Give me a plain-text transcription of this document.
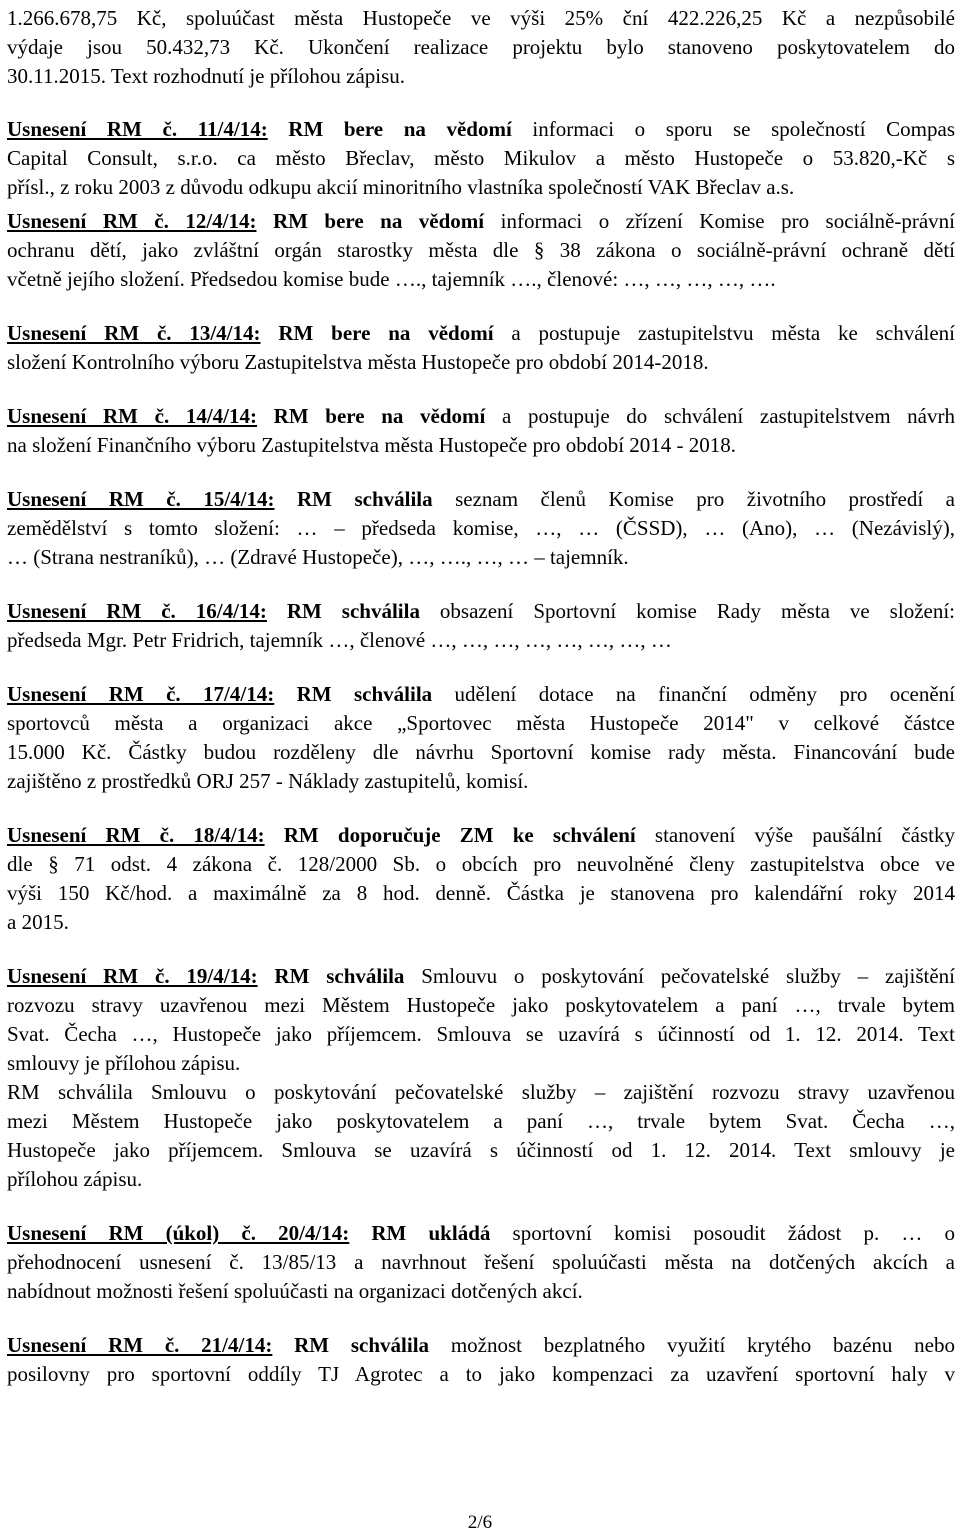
1.266.678,75 Kč, spoluúčast města Hustopeče ve výši 25% ční 422.226,25 Kč a nezpůsobilé
výdaje jsou 50.432,73 Kč. Ukončení realizace projektu bylo stanoveno poskytovatelem do
30.11.2015. Text rozhodnutí je přílohou zápisu.
Usnesení RM č. 11/4/14: RM bere na vědomí informaci o sporu se společností Compas
Capital Consult, s.r.o. ca město Břeclav, město Mikulov a město Hustopeče o 53.820,-Kč s
přísl., z roku 2003 z důvodu odkupu akcií minoritního vlastníka společností VAK Břeclav a.s.
Usnesení RM č. 12/4/14: RM bere na vědomí informaci o zřízení Komise pro sociálně-právní
ochranu dětí, jako zvláštní orgán starostky města dle § 38 zákona o sociálně-právní ochraně dětí
včetně jejího složení. Předsedou komise bude …., tajemník …., členové: …, …, …, …, ….
Usnesení RM č. 13/4/14: RM bere na vědomí a postupuje zastupitelstvu města ke schválení
složení Kontrolního výboru Zastupitelstva města Hustopeče pro období 2014-2018.
Usnesení RM č. 14/4/14: RM bere na vědomí a postupuje do schválení zastupitelstvem návrh
na složení Finančního výboru Zastupitelstva města Hustopeče pro období 2014 - 2018.
Usnesení RM č. 15/4/14: RM schválila seznam členů Komise pro životního prostředí a
zemědělství s tomto složení: … – předseda komise, …, … (ČSSD), … (Ano), … (Nezávislý),
… (Strana nestraníků), … (Zdravé Hustopeče), …, …., …, … – tajemník.
Usnesení RM č. 16/4/14: RM schválila obsazení Sportovní komise Rady města ve složení:
předseda Mgr. Petr Fridrich, tajemník …, členové …, …, …, …, …, …, …, …
Usnesení RM č. 17/4/14: RM schválila udělení dotace na finanční odměny pro ocenění
sportovců města a organizaci akce „Sportovec města Hustopeče 2014" v celkové částce
15.000 Kč. Částky budou rozděleny dle návrhu Sportovní komise rady města. Financování bude
zajištěno z prostředků ORJ 257 - Náklady zastupitelů, komisí.
Usnesení RM č. 18/4/14: RM doporučuje ZM ke schválení stanovení výše paušální částky
dle § 71 odst. 4 zákona č. 128/2000 Sb. o obcích pro neuvolněné členy zastupitelstva obce ve
výši 150 Kč/hod. a maximálně za 8 hod. denně. Částka je stanovena pro kalendářní roky 2014
a 2015.
Usnesení RM č. 19/4/14: RM schválila Smlouvu o poskytování pečovatelské služby – zajištění
rozvozu stravy uzavřenou mezi Městem Hustopeče jako poskytovatelem a paní …, trvale bytem
Svat. Čecha …, Hustopeče jako příjemcem. Smlouva se uzavírá s účinností od 1. 12. 2014. Text
smlouvy je přílohou zápisu.
RM schválila Smlouvu o poskytování pečovatelské služby – zajištění rozvozu stravy uzavřenou
mezi Městem Hustopeče jako poskytovatelem a paní …, trvale bytem Svat. Čecha …,
Hustopeče jako příjemcem. Smlouva se uzavírá s účinností od 1. 12. 2014. Text smlouvy je
přílohou zápisu.
Usnesení RM (úkol) č. 20/4/14: RM ukládá sportovní komisi posoudit žádost p. … o
přehodnocení usnesení č. 13/85/13 a navrhnout řešení spoluúčasti města na dotčených akcích a
nabídnout možnosti řešení spoluúčasti na organizaci dotčených akcí.
Usnesení RM č. 21/4/14: RM schválila možnost bezplatného využití krytého bazénu nebo
posilovny pro sportovní oddíly TJ Agrotec a to jako kompenzaci za uzavření sportovní haly v
2/6
